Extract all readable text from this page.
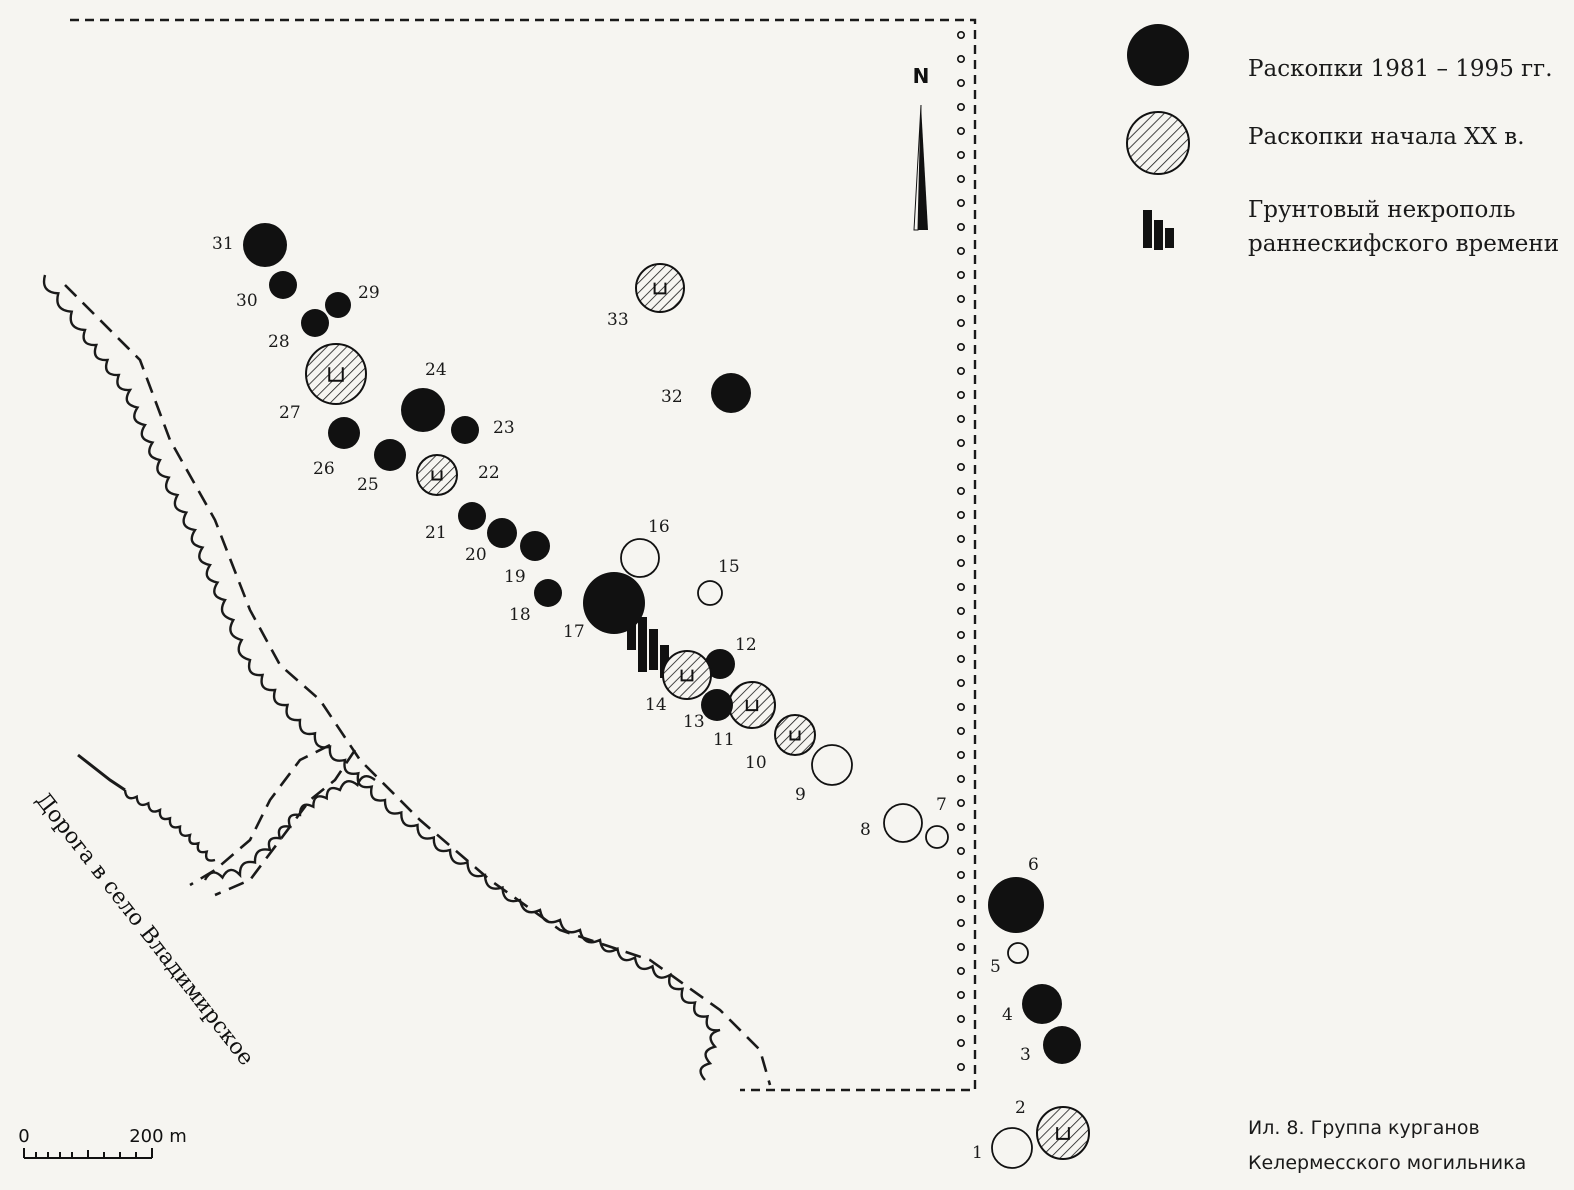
N
1
2
3
4
5
6
7
8
9
10
11
12
13
14
15
16
17
18
19
20
21
22
23
24
25
26
27
28
29
30
31
32
33
Дорога в село Владимирское
0	200 m
Раскопки 1981 – 1995 гг.
Раскопки начала XX в.
Грунтовый некрополь
раннескифского времени
Ил. 8. Группа курганов
Келермесского могильника
